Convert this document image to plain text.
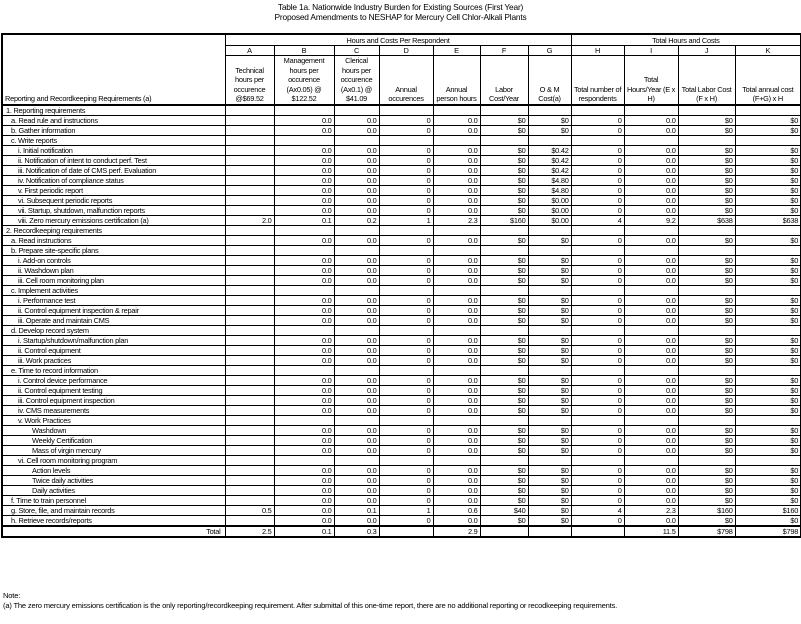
Table 1a. Nationwide Industry Burden for Existing Sources (First Year)
Proposed Amendments to NESHAP for Mercury Cell Chlor-Alkali Plants
Reporting and Recordkeeping Requirements (a)	Hours and Costs Per Respondent							Total Hours and Costs			
	A	B	C	D	E	F	G	H	I	J	K
	Technical hours per occurence @$69.52	Management hours per occurence (Ax0.05) @ $122.52	Clerical hours per occurence (Ax0.1) @ $41.09	Annual occurences	Annual person hours	Labor Cost/Year	O & M Cost(a)	Total number of respondents	Total Hours/Year (E x H)	Total Labor Cost (F x H)	Total annual cost (F+G) x H
1. Reporting requirements											
a. Read rule and instructions		0.0	0.0	0	0.0	$0	$0	0	0.0	$0	$0
b. Gather information		0.0	0.0	0	0.0	$0	$0	0	0.0	$0	$0
c. Write reports											
i. Initial notification		0.0	0.0	0	0.0	$0	$0.42	0	0.0	$0	$0
ii. Notification of intent to conduct perf. Test		0.0	0.0	0	0.0	$0	$0.42	0	0.0	$0	$0
iii. Notification of date of CMS perf. Evaluation		0.0	0.0	0	0.0	$0	$0.42	0	0.0	$0	$0
iv. Notification of compliance status		0.0	0.0	0	0.0	$0	$4.80	0	0.0	$0	$0
v. First periodic report		0.0	0.0	0	0.0	$0	$4.80	0	0.0	$0	$0
vi. Subsequent periodic reports		0.0	0.0	0	0.0	$0	$0.00	0	0.0	$0	$0
vii. Startup, shutdown, malfunction reports		0.0	0.0	0	0.0	$0	$0.00	0	0.0	$0	$0
viii. Zero mercury emissions certification (a)	2.0	0.1	0.2	1	2.3	$160	$0.00	4	9.2	$638	$638
2. Recordkeeping requirements											
a. Read instructions		0.0	0.0	0	0.0	$0	$0	0	0.0	$0	$0
b. Prepare site-specific plans											
i. Add-on controls		0.0	0.0	0	0.0	$0	$0	0	0.0	$0	$0
ii. Washdown plan		0.0	0.0	0	0.0	$0	$0	0	0.0	$0	$0
iii. Cell room monitoring plan		0.0	0.0	0	0.0	$0	$0	0	0.0	$0	$0
c. Implement activities											
i. Performance test		0.0	0.0	0	0.0	$0	$0	0	0.0	$0	$0
ii. Control equipment inspection & repair		0.0	0.0	0	0.0	$0	$0	0	0.0	$0	$0
iii. Operate and maintain CMS		0.0	0.0	0	0.0	$0	$0	0	0.0	$0	$0
d. Develop record system											
i. Startup/shutdown/malfunction plan		0.0	0.0	0	0.0	$0	$0	0	0.0	$0	$0
ii. Control equipment		0.0	0.0	0	0.0	$0	$0	0	0.0	$0	$0
iii. Work practices		0.0	0.0	0	0.0	$0	$0	0	0.0	$0	$0
e. Time to record information											
i. Control device performance		0.0	0.0	0	0.0	$0	$0	0	0.0	$0	$0
ii. Control equipment testing		0.0	0.0	0	0.0	$0	$0	0	0.0	$0	$0
iii. Control equipment inspection		0.0	0.0	0	0.0	$0	$0	0	0.0	$0	$0
iv. CMS measurements		0.0	0.0	0	0.0	$0	$0	0	0.0	$0	$0
v. Work Practices											
Washdown		0.0	0.0	0	0.0	$0	$0	0	0.0	$0	$0
Weekly Certification		0.0	0.0	0	0.0	$0	$0	0	0.0	$0	$0
Mass of virgin mercury		0.0	0.0	0	0.0	$0	$0	0	0.0	$0	$0
vi. Cell room monitoring program											
Action levels		0.0	0.0	0	0.0	$0	$0	0	0.0	$0	$0
Twice daily activities		0.0	0.0	0	0.0	$0	$0	0	0.0	$0	$0
Daily activities		0.0	0.0	0	0.0	$0	$0	0	0.0	$0	$0
f. Time to train personnel		0.0	0.0	0	0.0	$0	$0	0	0.0	$0	$0
g. Store, file, and maintain records	0.5	0.0	0.1	1	0.6	$40	$0	4	2.3	$160	$160
h. Retrieve records/reports		0.0	0.0	0	0.0	$0	$0	0	0.0	$0	$0
Total	2.5	0.1	0.3		2.9				11.5	$798	$798
Note:
(a) The zero mercury emissions certification is the only reporting/recordkeeping requirement. After submittal of this one-time report, there are no additional reporting or recodkeeping requirements.
